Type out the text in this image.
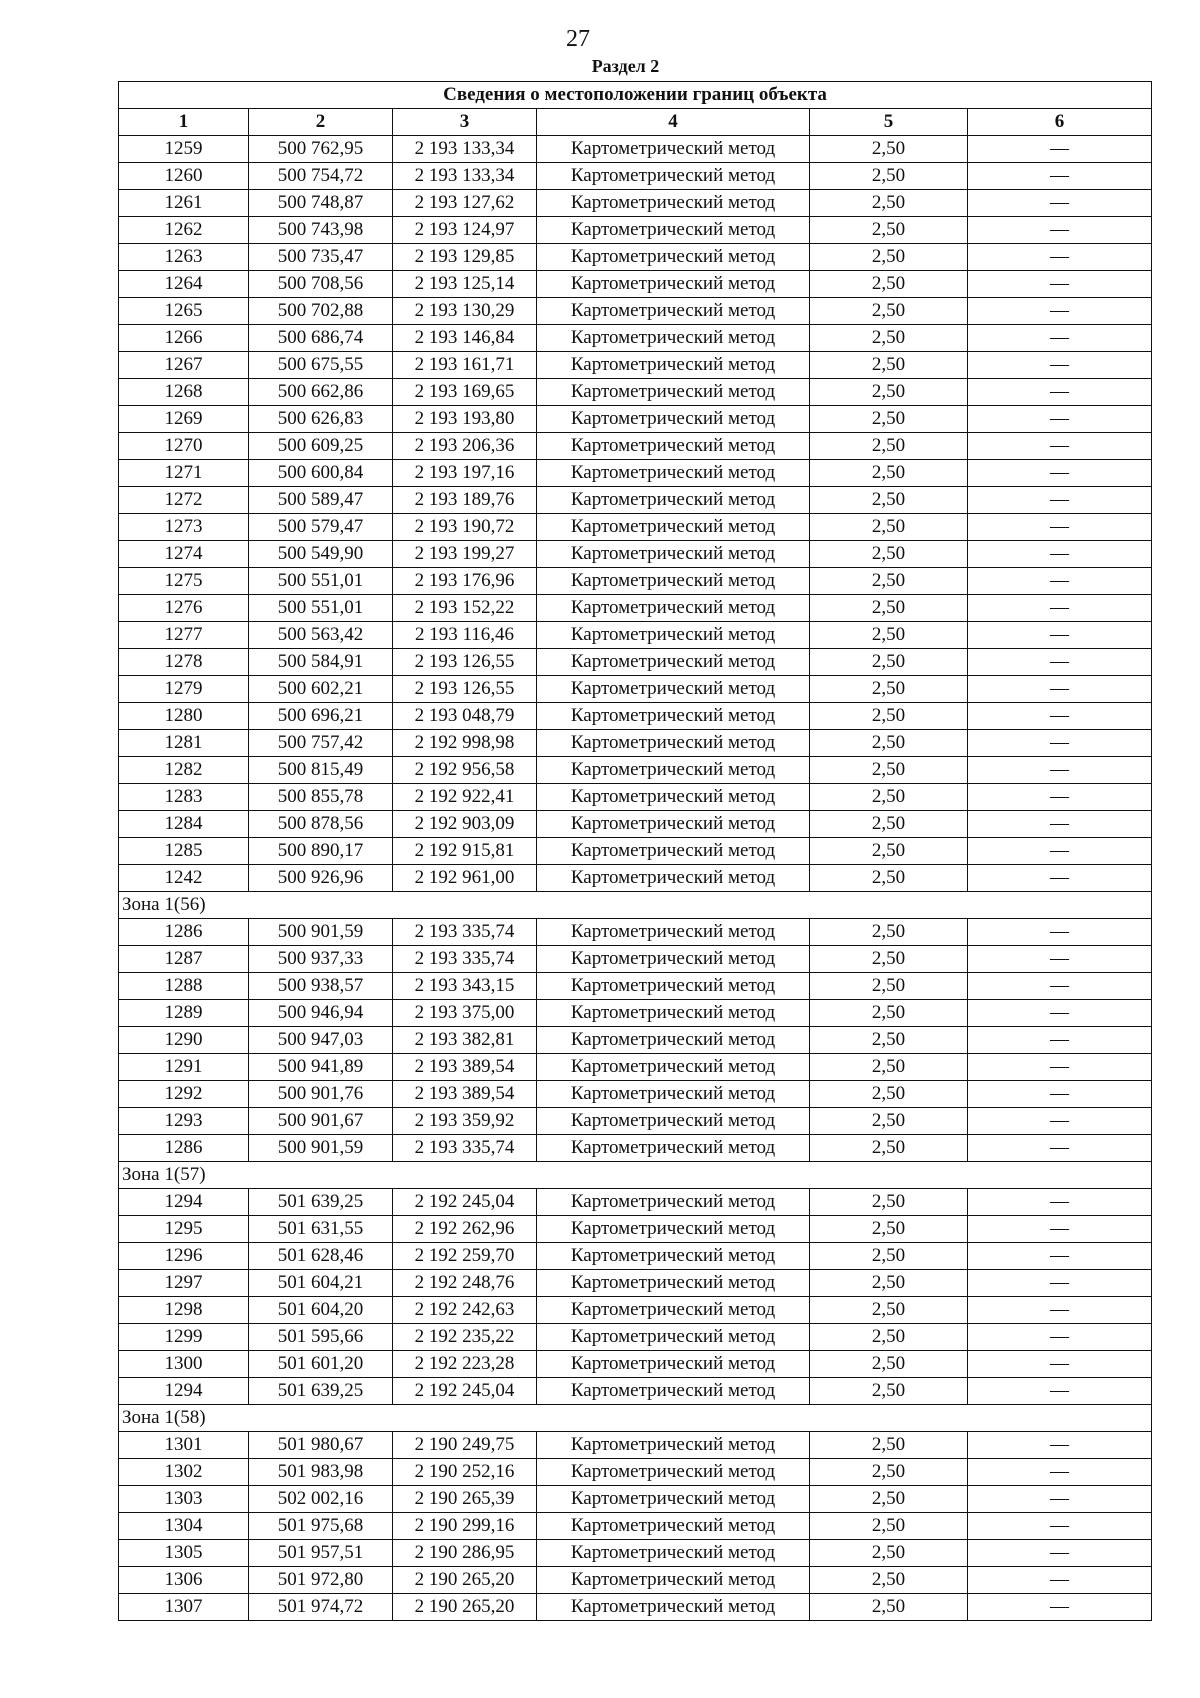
27
Раздел 2
Сведения о местоположении границ объекта					
1	2	3	4	5	6
1259	500 762,95	2 193 133,34	Картометрический метод	2,50	—
1260	500 754,72	2 193 133,34	Картометрический метод	2,50	—
1261	500 748,87	2 193 127,62	Картометрический метод	2,50	—
1262	500 743,98	2 193 124,97	Картометрический метод	2,50	—
1263	500 735,47	2 193 129,85	Картометрический метод	2,50	—
1264	500 708,56	2 193 125,14	Картометрический метод	2,50	—
1265	500 702,88	2 193 130,29	Картометрический метод	2,50	—
1266	500 686,74	2 193 146,84	Картометрический метод	2,50	—
1267	500 675,55	2 193 161,71	Картометрический метод	2,50	—
1268	500 662,86	2 193 169,65	Картометрический метод	2,50	—
1269	500 626,83	2 193 193,80	Картометрический метод	2,50	—
1270	500 609,25	2 193 206,36	Картометрический метод	2,50	—
1271	500 600,84	2 193 197,16	Картометрический метод	2,50	—
1272	500 589,47	2 193 189,76	Картометрический метод	2,50	—
1273	500 579,47	2 193 190,72	Картометрический метод	2,50	—
1274	500 549,90	2 193 199,27	Картометрический метод	2,50	—
1275	500 551,01	2 193 176,96	Картометрический метод	2,50	—
1276	500 551,01	2 193 152,22	Картометрический метод	2,50	—
1277	500 563,42	2 193 116,46	Картометрический метод	2,50	—
1278	500 584,91	2 193 126,55	Картометрический метод	2,50	—
1279	500 602,21	2 193 126,55	Картометрический метод	2,50	—
1280	500 696,21	2 193 048,79	Картометрический метод	2,50	—
1281	500 757,42	2 192 998,98	Картометрический метод	2,50	—
1282	500 815,49	2 192 956,58	Картометрический метод	2,50	—
1283	500 855,78	2 192 922,41	Картометрический метод	2,50	—
1284	500 878,56	2 192 903,09	Картометрический метод	2,50	—
1285	500 890,17	2 192 915,81	Картометрический метод	2,50	—
1242	500 926,96	2 192 961,00	Картометрический метод	2,50	—
Зона 1(56)					
1286	500 901,59	2 193 335,74	Картометрический метод	2,50	—
1287	500 937,33	2 193 335,74	Картометрический метод	2,50	—
1288	500 938,57	2 193 343,15	Картометрический метод	2,50	—
1289	500 946,94	2 193 375,00	Картометрический метод	2,50	—
1290	500 947,03	2 193 382,81	Картометрический метод	2,50	—
1291	500 941,89	2 193 389,54	Картометрический метод	2,50	—
1292	500 901,76	2 193 389,54	Картометрический метод	2,50	—
1293	500 901,67	2 193 359,92	Картометрический метод	2,50	—
1286	500 901,59	2 193 335,74	Картометрический метод	2,50	—
Зона 1(57)					
1294	501 639,25	2 192 245,04	Картометрический метод	2,50	—
1295	501 631,55	2 192 262,96	Картометрический метод	2,50	—
1296	501 628,46	2 192 259,70	Картометрический метод	2,50	—
1297	501 604,21	2 192 248,76	Картометрический метод	2,50	—
1298	501 604,20	2 192 242,63	Картометрический метод	2,50	—
1299	501 595,66	2 192 235,22	Картометрический метод	2,50	—
1300	501 601,20	2 192 223,28	Картометрический метод	2,50	—
1294	501 639,25	2 192 245,04	Картометрический метод	2,50	—
Зона 1(58)					
1301	501 980,67	2 190 249,75	Картометрический метод	2,50	—
1302	501 983,98	2 190 252,16	Картометрический метод	2,50	—
1303	502 002,16	2 190 265,39	Картометрический метод	2,50	—
1304	501 975,68	2 190 299,16	Картометрический метод	2,50	—
1305	501 957,51	2 190 286,95	Картометрический метод	2,50	—
1306	501 972,80	2 190 265,20	Картометрический метод	2,50	—
1307	501 974,72	2 190 265,20	Картометрический метод	2,50	—
